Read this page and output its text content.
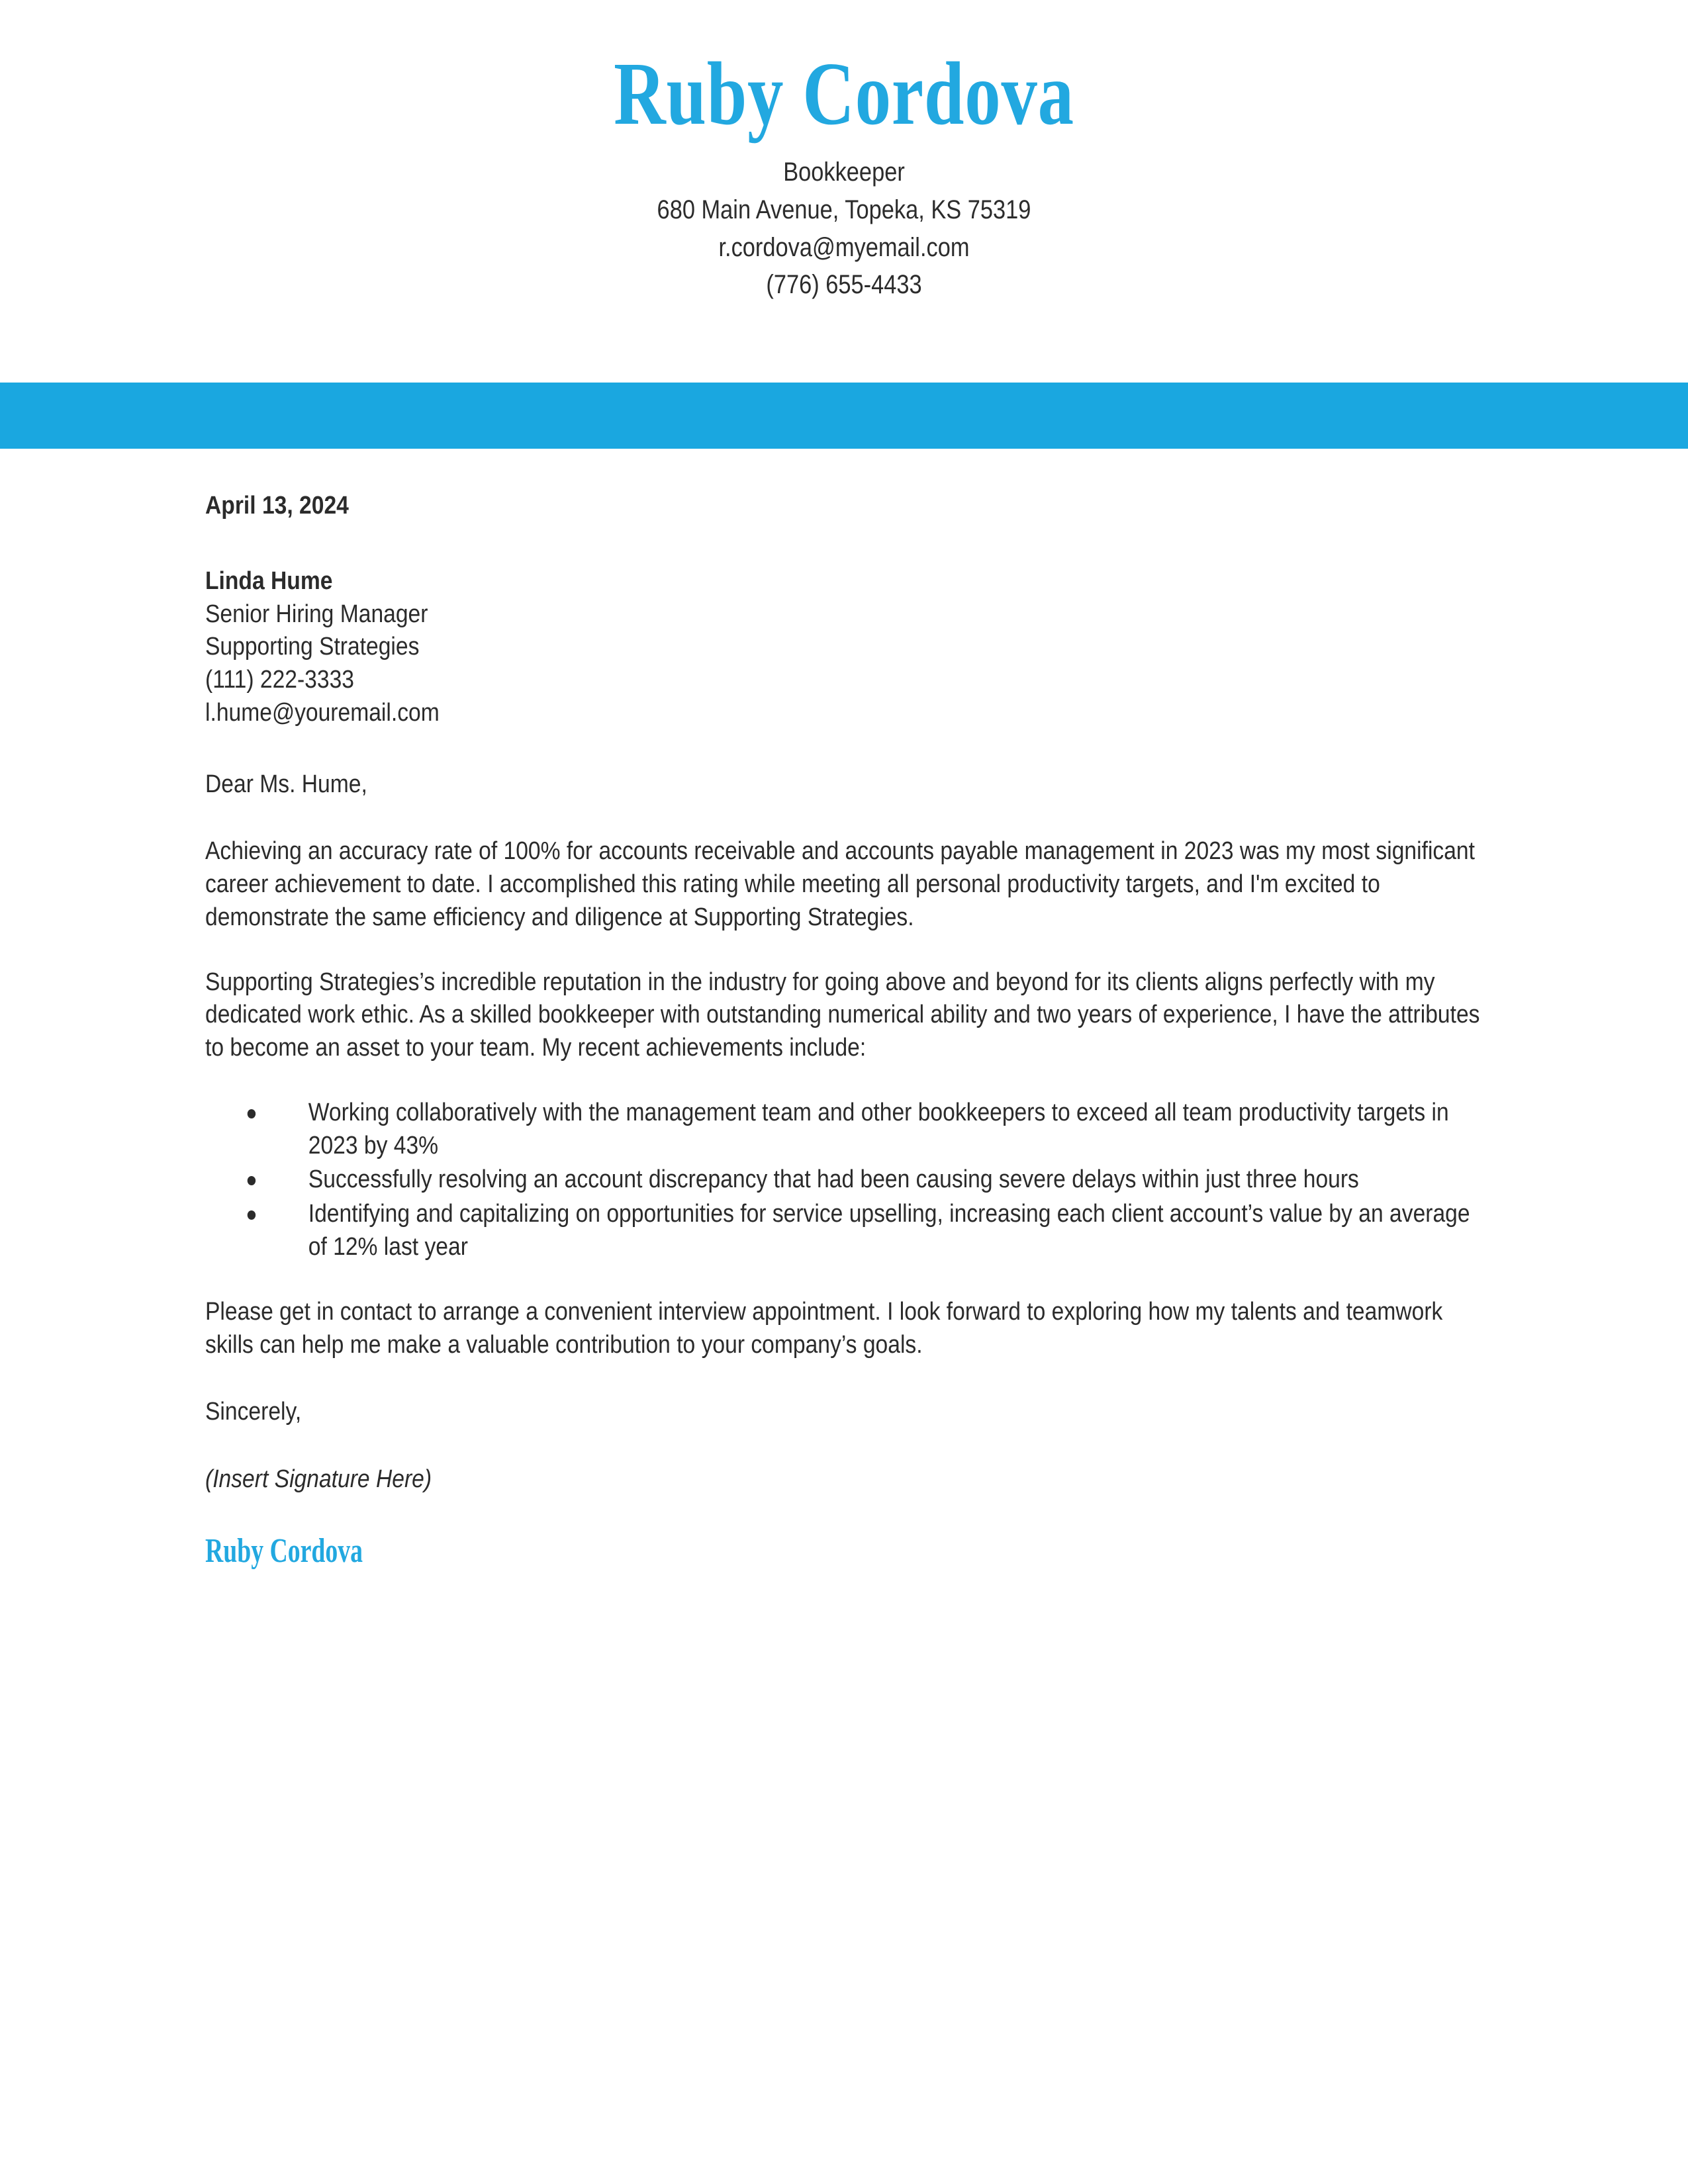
Ruby Cordova
Bookkeeper
680 Main Avenue, Topeka, KS 75319
r.cordova@myemail.com
(776) 655-4433

April 13, 2024

Linda Hume
Senior Hiring Manager
Supporting Strategies
(111) 222-3333
l.hume@youremail.com

Dear Ms. Hume,

Achieving an accuracy rate of 100% for accounts receivable and accounts payable management in 2023 was my most significant career achievement to date. I accomplished this rating while meeting all personal productivity targets, and I'm excited to demonstrate the same efficiency and diligence at Supporting Strategies.

Supporting Strategies’s incredible reputation in the industry for going above and beyond for its clients aligns perfectly with my dedicated work ethic. As a skilled bookkeeper with outstanding numerical ability and two years of experience, I have the attributes to become an asset to your team. My recent achievements include:

Working collaboratively with the management team and other bookkeepers to exceed all team productivity targets in 2023 by 43%
Successfully resolving an account discrepancy that had been causing severe delays within just three hours
Identifying and capitalizing on opportunities for service upselling, increasing each client account’s value by an average of 12% last year

Please get in contact to arrange a convenient interview appointment. I look forward to exploring how my talents and teamwork skills can help me make a valuable contribution to your company’s goals.

Sincerely,

(Insert Signature Here)

Ruby Cordova
